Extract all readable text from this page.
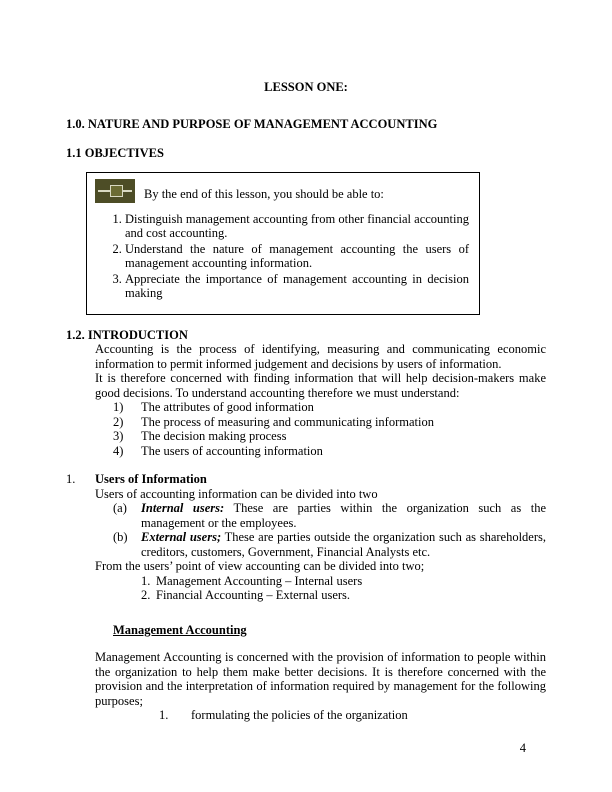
LESSON ONE:
1.0. NATURE AND PURPOSE OF MANAGEMENT ACCOUNTING
1.1 OBJECTIVES
By the end of this lesson, you should be able to:
1. Distinguish management accounting from other financial accounting and cost accounting.
2. Understand the nature of management accounting the users of management accounting information.
3. Appreciate the importance of management accounting in decision making
1.2. INTRODUCTION

Accounting is the process of identifying, measuring and communicating economic information to permit informed judgement and decisions by users of information.

It is therefore concerned with finding information that will help decision-makers make good decisions. To understand accounting therefore we must understand:

1)	The attributes of good information
2)	The process of measuring and communicating information
3)	The decision making process
4)	The users of accounting information
1.	Users of Information
Users of accounting information can be divided into two
(a)	Internal users: These are parties within the organization such as the management or the employees.
(b)	External users; These are parties outside the organization such as shareholders, creditors, customers, Government, Financial Analysts etc.
From the users’ point of view accounting can be divided into two;
1. Management Accounting – Internal users
2. Financial Accounting – External users.
Management Accounting

Management Accounting is concerned with the provision of information to people within the organization to help them make better decisions. It is therefore concerned with the provision and the interpretation of information required by management for the following purposes;

1.	formulating the policies of the organization
4
